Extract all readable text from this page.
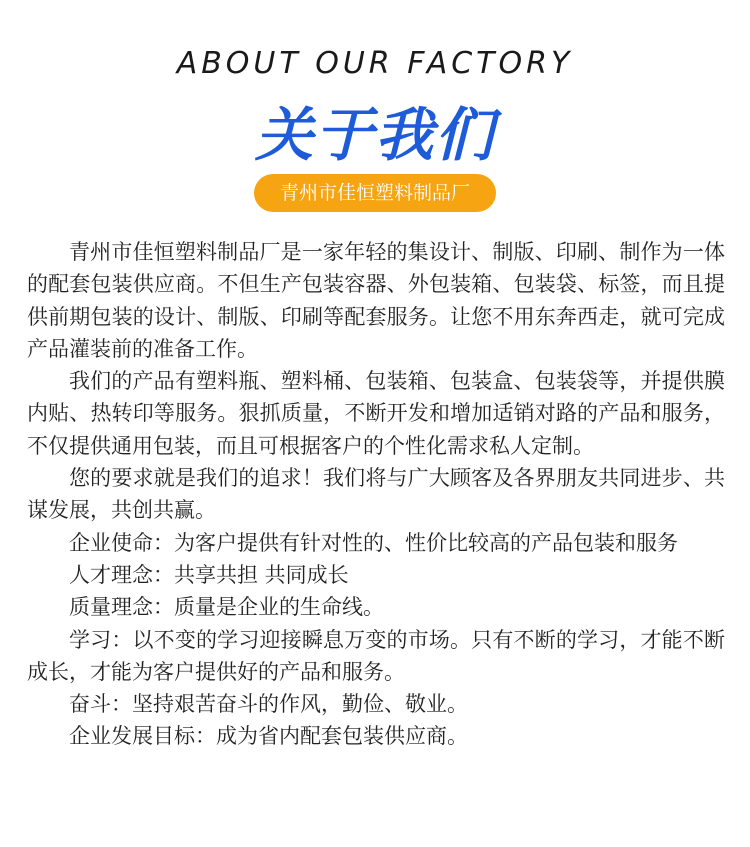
ABOUT OUR FACTORY
关于我们
青州市佳恒塑料制品厂

青州市佳恒塑料制品厂是一家年轻的集设计、制版、印刷、制作为一体的配套包装供应商。不但生产包装容器、外包装箱、包装袋、标签，而且提供前期包装的设计、制版、印刷等配套服务。让您不用东奔西走，就可完成产品灌装前的准备工作。

我们的产品有塑料瓶、塑料桶、包装箱、包装盒、包装袋等，并提供膜内贴、热转印等服务。狠抓质量，不断开发和增加适销对路的产品和服务，不仅提供通用包装，而且可根据客户的个性化需求私人定制。

您的要求就是我们的追求！我们将与广大顾客及各界朋友共同进步、共谋发展，共创共赢。

企业使命：为客户提供有针对性的、性价比较高的产品包装和服务

人才理念：共享共担 共同成长

质量理念：质量是企业的生命线。

学习：以不变的学习迎接瞬息万变的市场。只有不断的学习，才能不断成长，才能为客户提供好的产品和服务。

奋斗：坚持艰苦奋斗的作风，勤俭、敬业。

企业发展目标：成为省内配套包装供应商。
